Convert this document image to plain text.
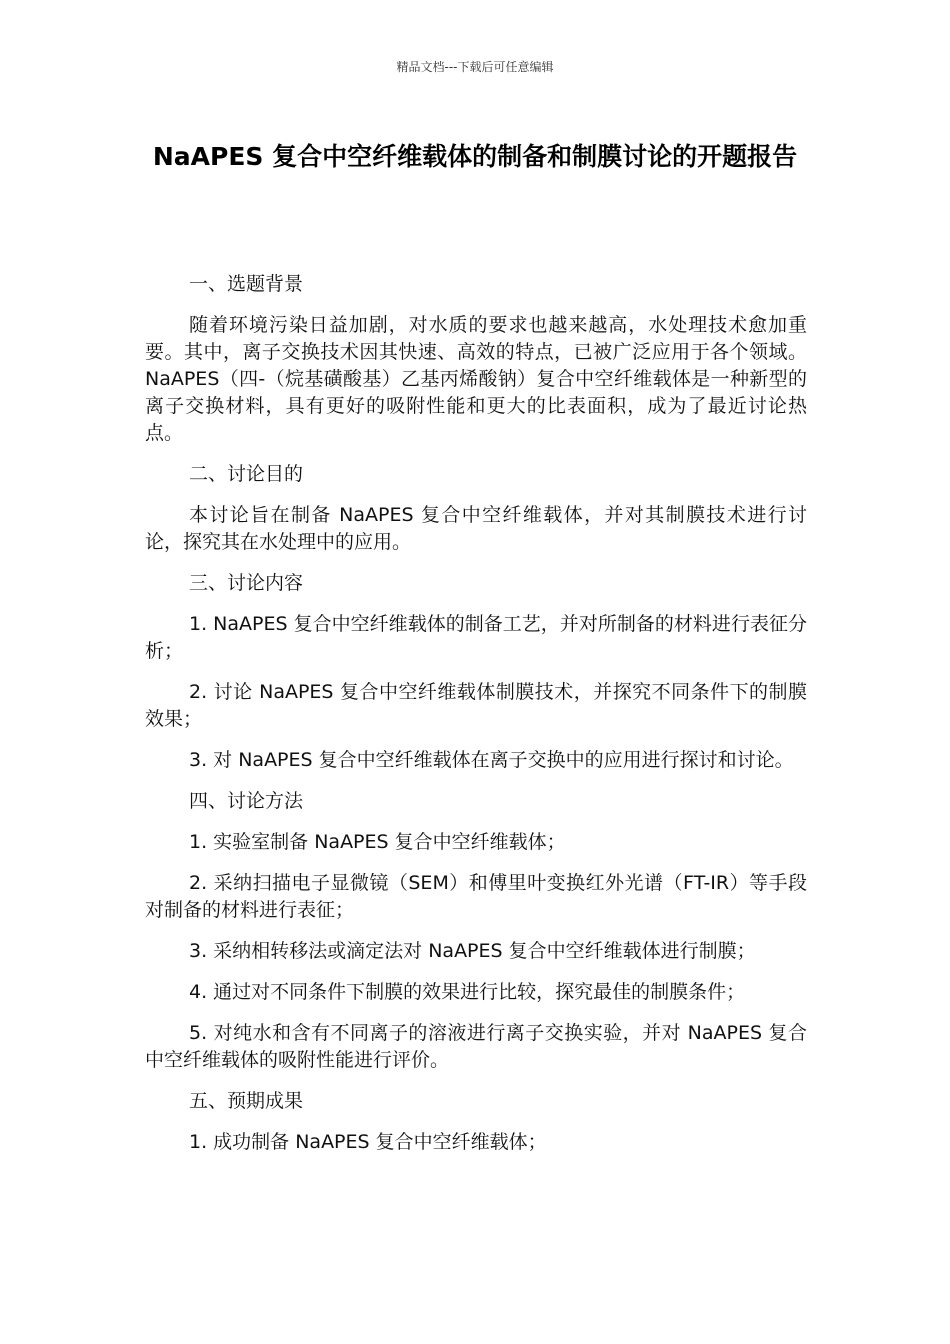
精品文档---下载后可任意编辑
NaAPES 复合中空纤维载体的制备和制膜讨论的开题报告
一、选题背景
随着环境污染日益加剧，对水质的要求也越来越高，水处理技术愈加重要。其中，离子交换技术因其快速、高效的特点，已被广泛应用于各个领域。NaAPES（四-（烷基磺酸基）乙基丙烯酸钠）复合中空纤维载体是一种新型的离子交换材料，具有更好的吸附性能和更大的比表面积，成为了最近讨论热点。
二、讨论目的
本讨论旨在制备 NaAPES 复合中空纤维载体，并对其制膜技术进行讨论，探究其在水处理中的应用。
三、讨论内容
1. NaAPES 复合中空纤维载体的制备工艺，并对所制备的材料进行表征分析；
2. 讨论 NaAPES 复合中空纤维载体制膜技术，并探究不同条件下的制膜效果；
3. 对 NaAPES 复合中空纤维载体在离子交换中的应用进行探讨和讨论。
四、讨论方法
1. 实验室制备 NaAPES 复合中空纤维载体；
2. 采纳扫描电子显微镜（SEM）和傅里叶变换红外光谱（FT-IR）等手段对制备的材料进行表征；
3. 采纳相转移法或滴定法对 NaAPES 复合中空纤维载体进行制膜；
4. 通过对不同条件下制膜的效果进行比较，探究最佳的制膜条件；
5. 对纯水和含有不同离子的溶液进行离子交换实验，并对 NaAPES 复合中空纤维载体的吸附性能进行评价。
五、预期成果
1. 成功制备 NaAPES 复合中空纤维载体；
